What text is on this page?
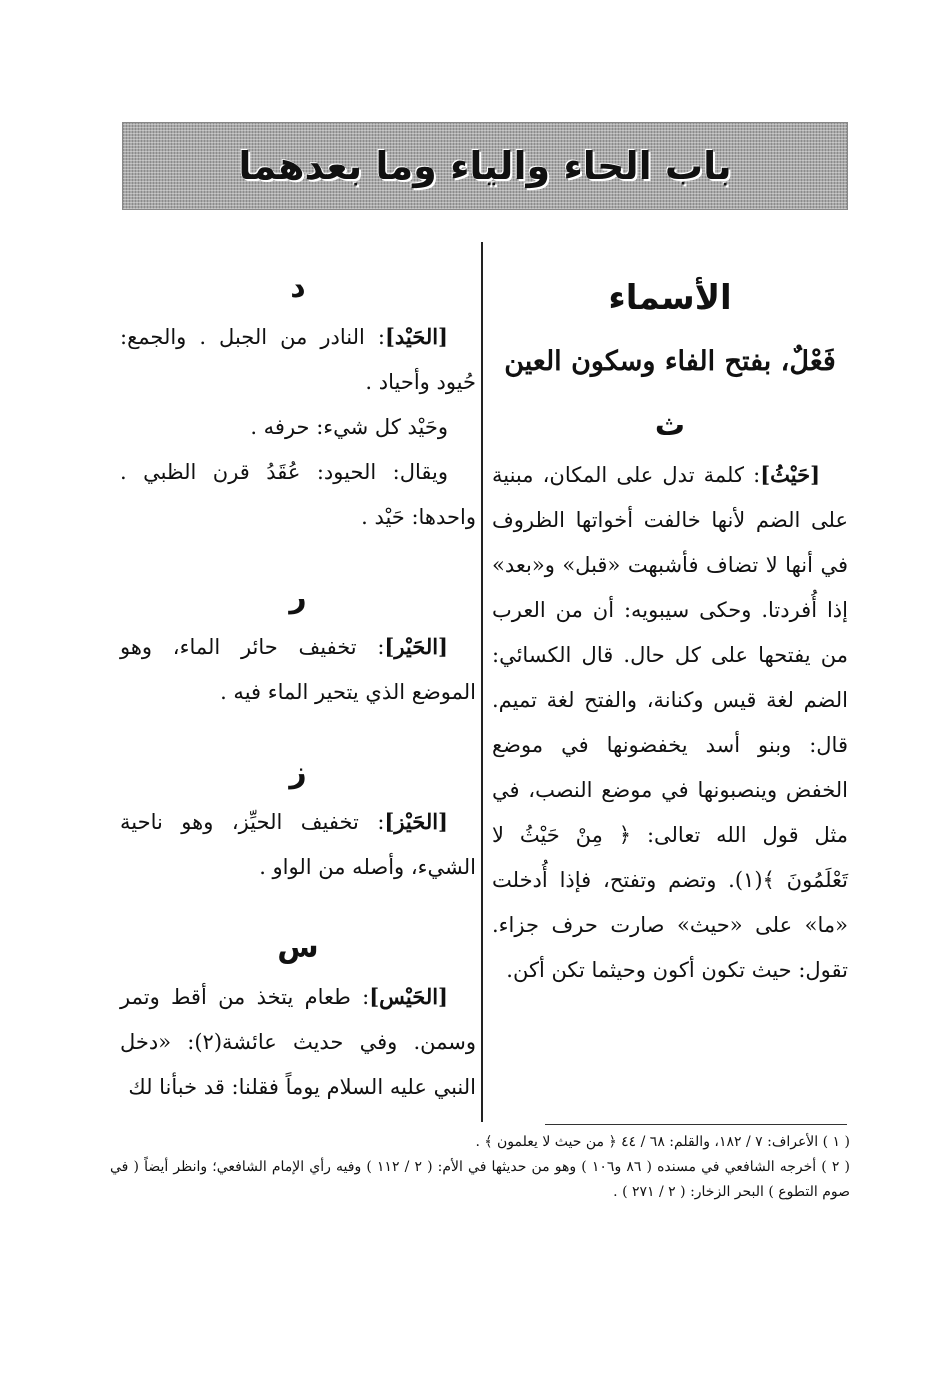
باب الحاء والياء وما بعدهما
الأسماء
فَعْلٌ، بفتح الفاء وسكون العين
ث

[حَيْثُ]: كلمة تدل على المكان، مبنية على الضم لأنها خالفت أخواتها الظروف في أنها لا تضاف فأشبهت «قبل» و«بعد» إذا أُفردتا. وحكى سيبويه: أن من العرب من يفتحها على كل حال. قال الكسائي: الضم لغة قيس وكنانة، والفتح لغة تميم. قال: وبنو أسد يخفضونها في موضع الخفض وينصبونها في موضع النصب، في مثل قول الله تعالى: ﴿ مِنْ حَيْثُ لا تَعْلَمُونَ ﴾(١). وتضم وتفتح، فإذا أُدخلت «ما» على «حيث» صارت حرف جزاء. تقول: حيث تكون أكون وحيثما تكن أكن.

د

[الحَيْد]: النادر من الجبل . والجمع: حُيود وأحياد .

وحَيْد كل شيء: حرفه .

ويقال: الحيود: عُقَدُ قرن الظبي . واحدها: حَيْد .

ر

[الحَيْر]: تخفيف حائر الماء، وهو الموضع الذي يتحير الماء فيه .

ز

[الحَيْز]: تخفيف الحيِّز، وهو ناحية الشيء، وأصله من الواو .

س

[الحَيْس]: طعام يتخذ من أقط وتمر وسمن. وفي حديث عائشة(٢): «دخل النبي عليه السلام يوماً فقلنا: قد خبأنا لك

( ١ ) الأعراف: ٧ / ١٨٢، والقلم: ٦٨ / ٤٤ ﴿ من حيث لا يعلمون ﴾ .

( ٢ ) أخرجه الشافعي في مسنده ( ٨٦ و١٠٦ ) وهو من حديثها في الأم: ( ٢ / ١١٢ ) وفيه رأي الإمام الشافعي؛ وانظر أيضاً ( في صوم التطوع ) البحر الزخار: ( ٢ / ٢٧١ ) .
